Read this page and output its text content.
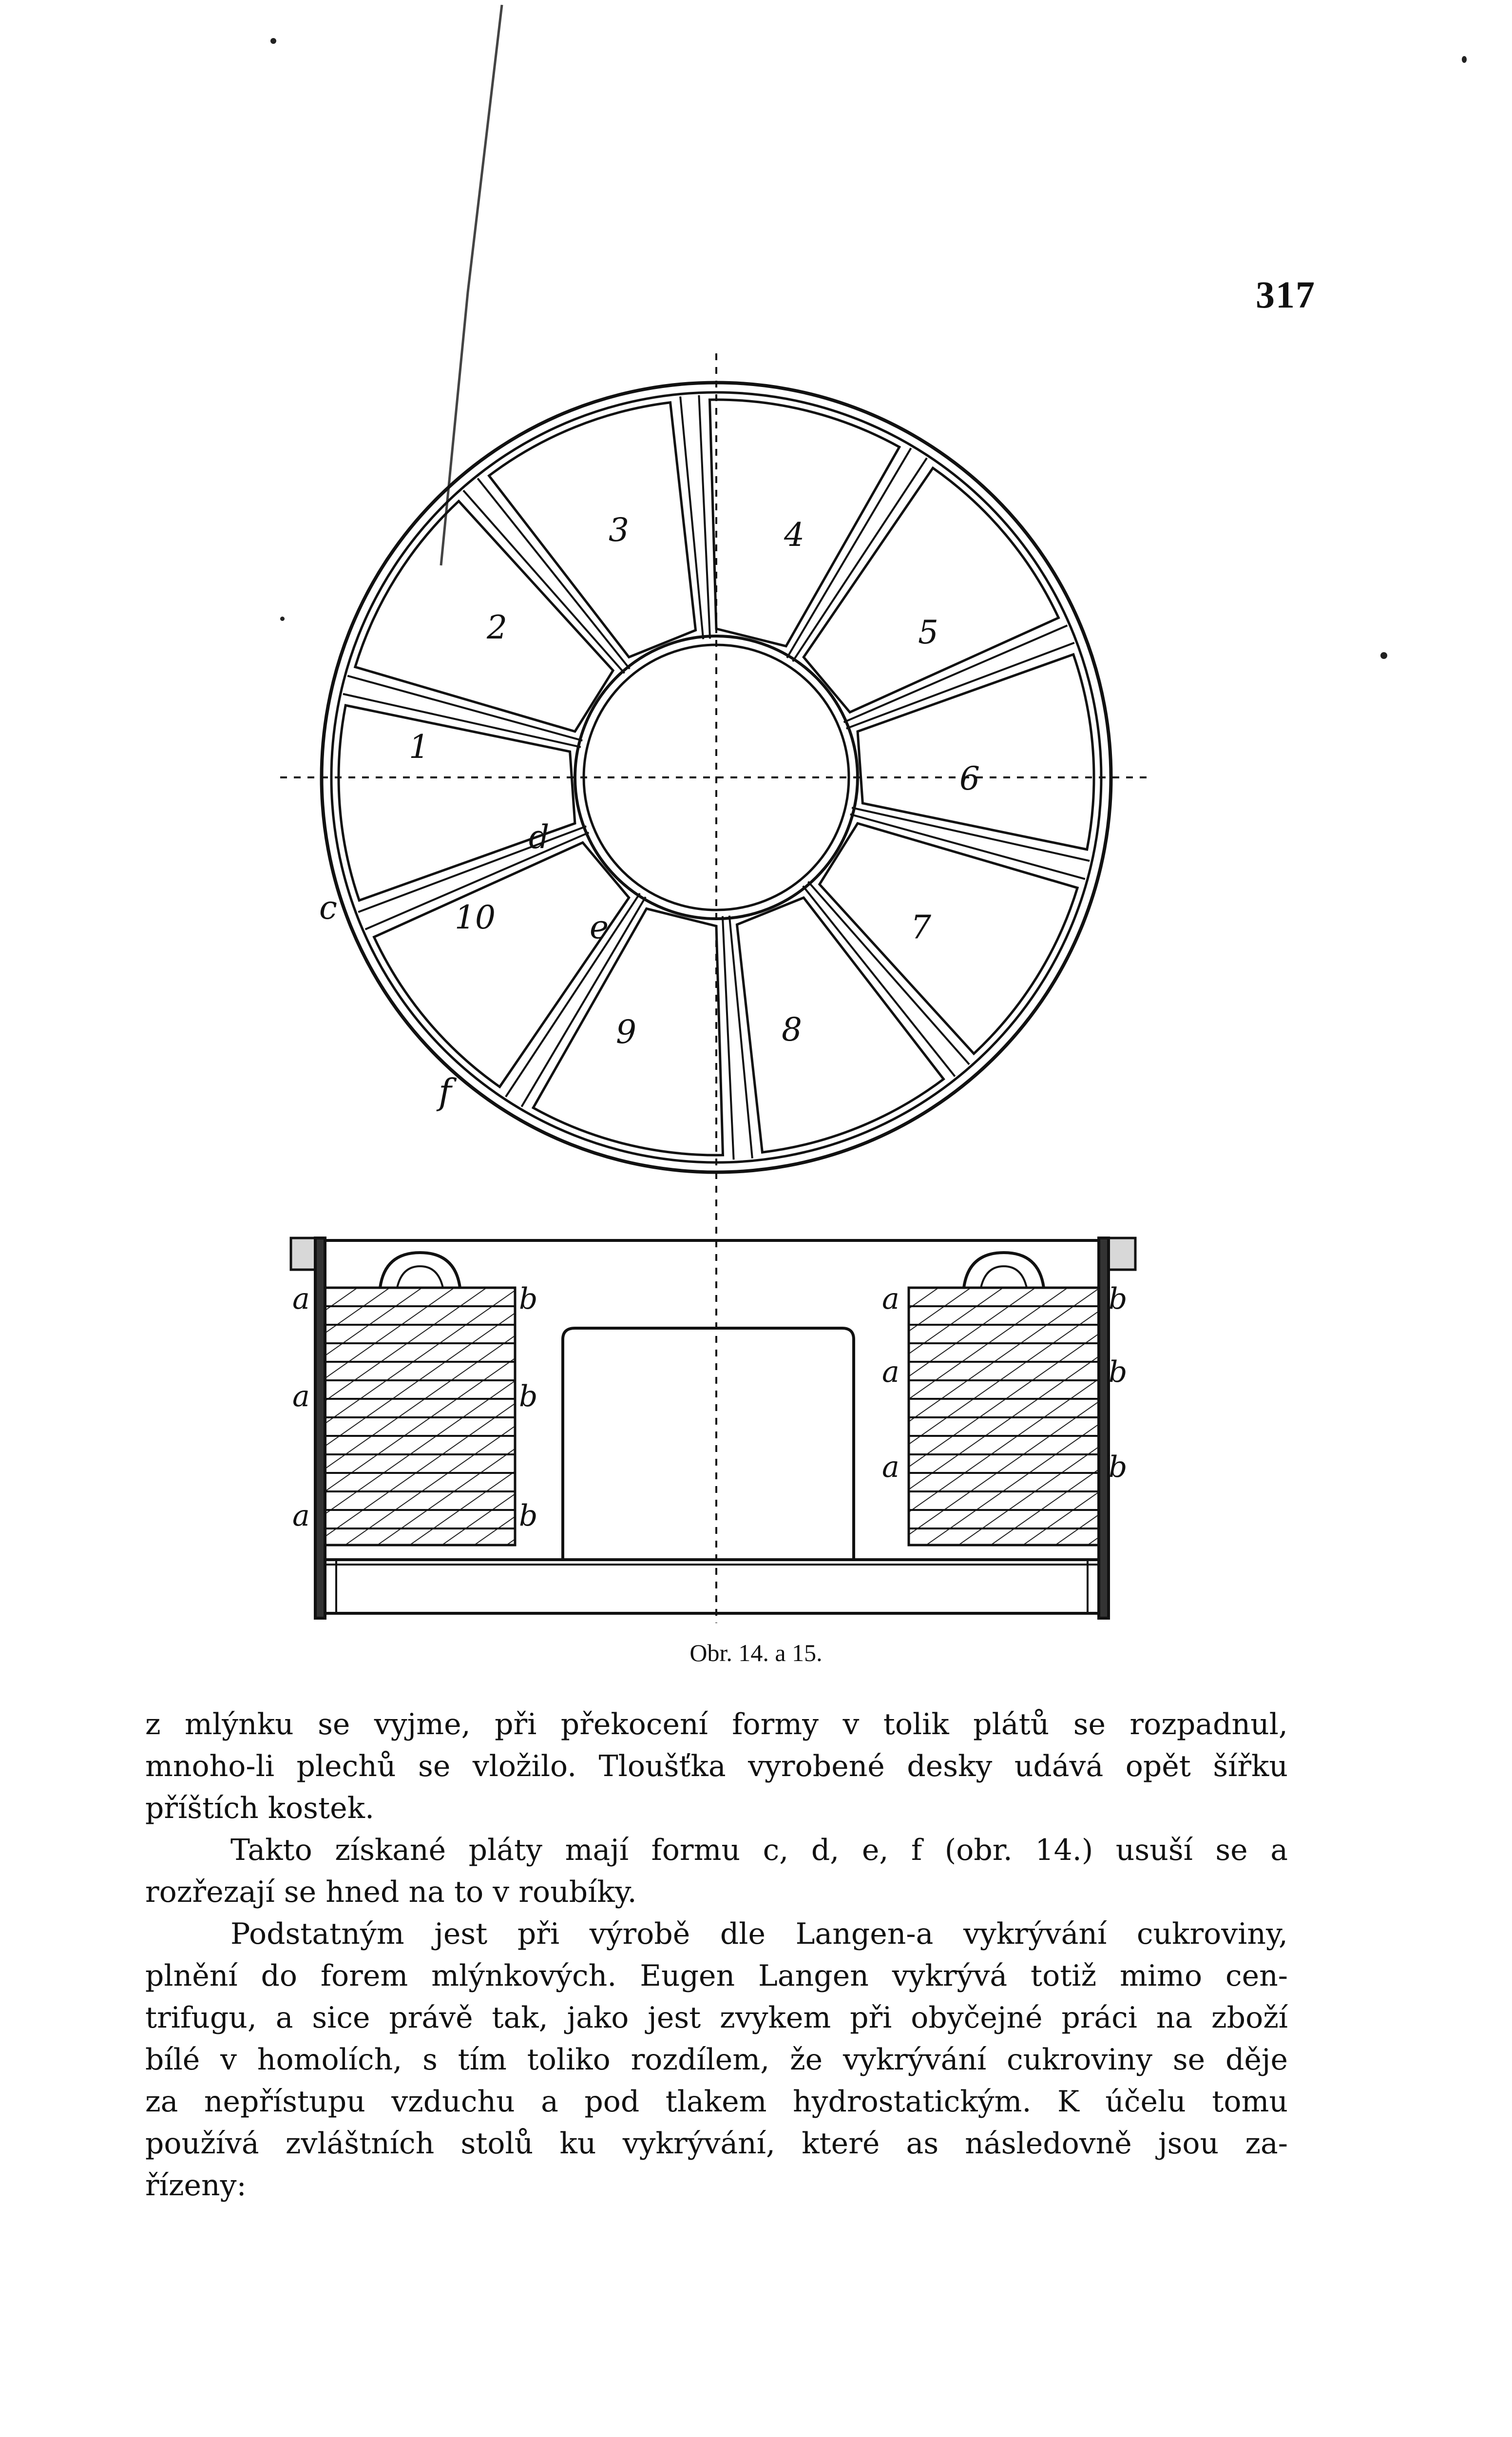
317
1
2
3	4
5
6
7
8
9
10
c
d
e
f
a
a
a
b
b
b
a
a
a
b
b
b
Obr. 14. a 15.

z mlýnku se vyjme, při překocení formy v tolik plátů se rozpadnul,
mnoho-li plechů se vložilo. Tloušťka vyrobené desky udává opět šířku
příštích kostek.

Takto získané pláty mají formu c, d, e, f (obr. 14.) usuší se a
rozřezají se hned na to v roubíky.

Podstatným jest při výrobě dle Langen-a vykrývání cukroviny,
plnění do forem mlýnkových. Eugen Langen vykrývá totiž mimo cen-
trifugu, a sice právě tak, jako jest zvykem při obyčejné práci na zboží
bílé v homolích, s tím toliko rozdílem, že vykrývání cukroviny se děje
za nepřístupu vzduchu a pod tlakem hydrostatickým. K účelu tomu
používá zvláštních stolů ku vykrývání, které as následovně jsou za-
řízeny:
